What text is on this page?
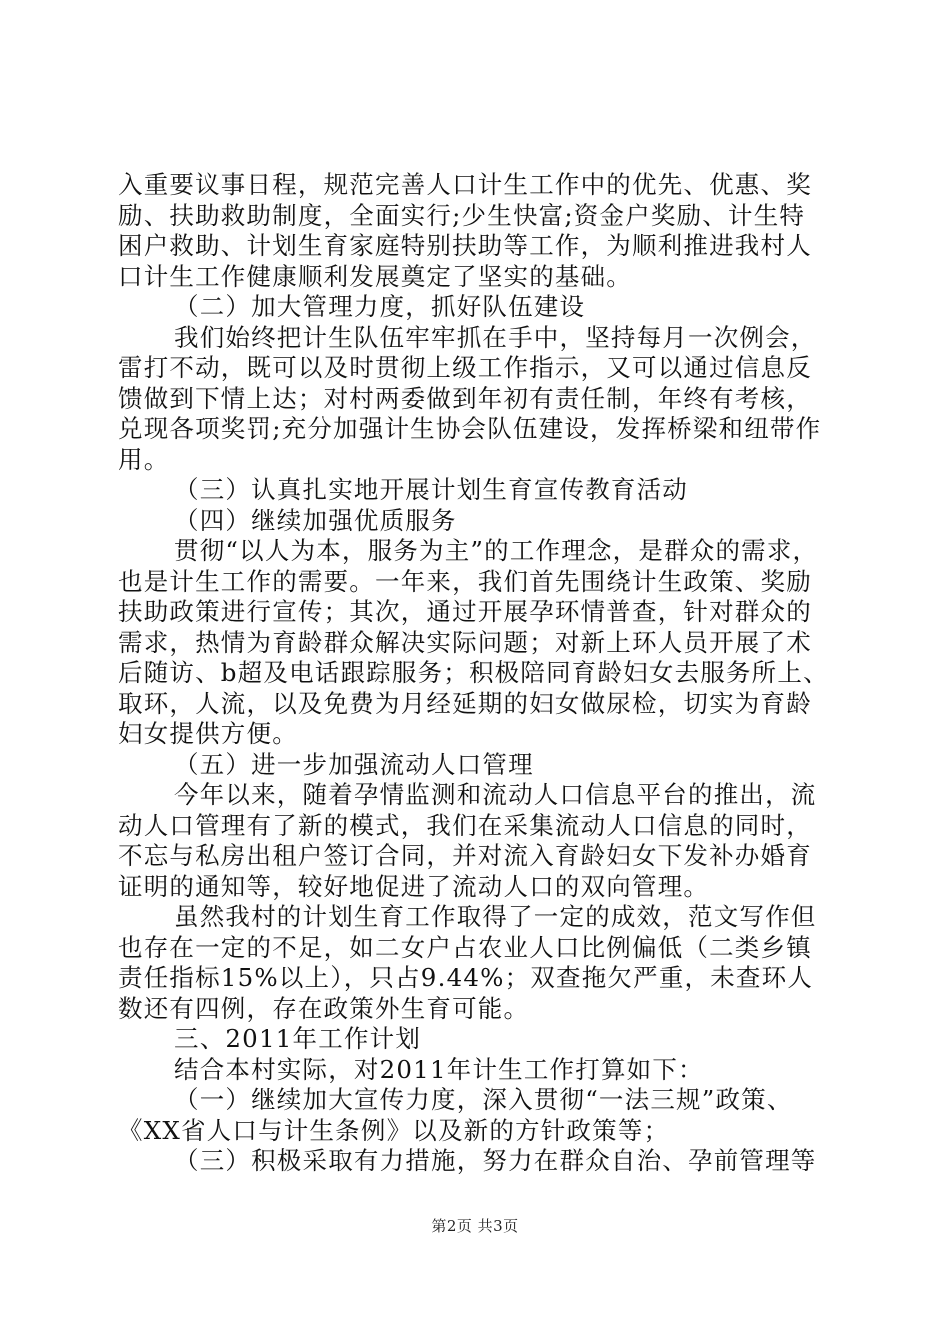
入重要议事日程，规范完善人口计生工作中的优先、优惠、奖
励、扶助救助制度，全面实行;少生快富;资金户奖励、计生特
困户救助、计划生育家庭特别扶助等工作，为顺利推进我村人
口计生工作健康顺利发展奠定了坚实的基础。
（二）加大管理力度，抓好队伍建设
我们始终把计生队伍牢牢抓在手中，坚持每月一次例会，
雷打不动，既可以及时贯彻上级工作指示，又可以通过信息反
馈做到下情上达；对村两委做到年初有责任制，年终有考核，
兑现各项奖罚;充分加强计生协会队伍建设，发挥桥梁和纽带作
用。
（三）认真扎实地开展计划生育宣传教育活动
（四）继续加强优质服务
贯彻“以人为本，服务为主”的工作理念，是群众的需求，
也是计生工作的需要。一年来，我们首先围绕计生政策、奖励
扶助政策进行宣传；其次，通过开展孕环情普查，针对群众的
需求，热情为育龄群众解决实际问题；对新上环人员开展了术
后随访、b超及电话跟踪服务；积极陪同育龄妇女去服务所上、
取环，人流，以及免费为月经延期的妇女做尿检，切实为育龄
妇女提供方便。
（五）进一步加强流动人口管理
今年以来，随着孕情监测和流动人口信息平台的推出，流
动人口管理有了新的模式，我们在采集流动人口信息的同时，
不忘与私房出租户签订合同，并对流入育龄妇女下发补办婚育
证明的通知等，较好地促进了流动人口的双向管理。
虽然我村的计划生育工作取得了一定的成效，范文写作但
也存在一定的不足，如二女户占农业人口比例偏低（二类乡镇
责任指标15%以上），只占9.44%；双查拖欠严重，未查环人
数还有四例，存在政策外生育可能。
三、2011年工作计划
结合本村实际，对2011年计生工作打算如下：
（一）继续加大宣传力度，深入贯彻“一法三规”政策、
《XX省人口与计生条例》以及新的方针政策等；
（三）积极采取有力措施，努力在群众自治、孕前管理等
第2页 共3页
